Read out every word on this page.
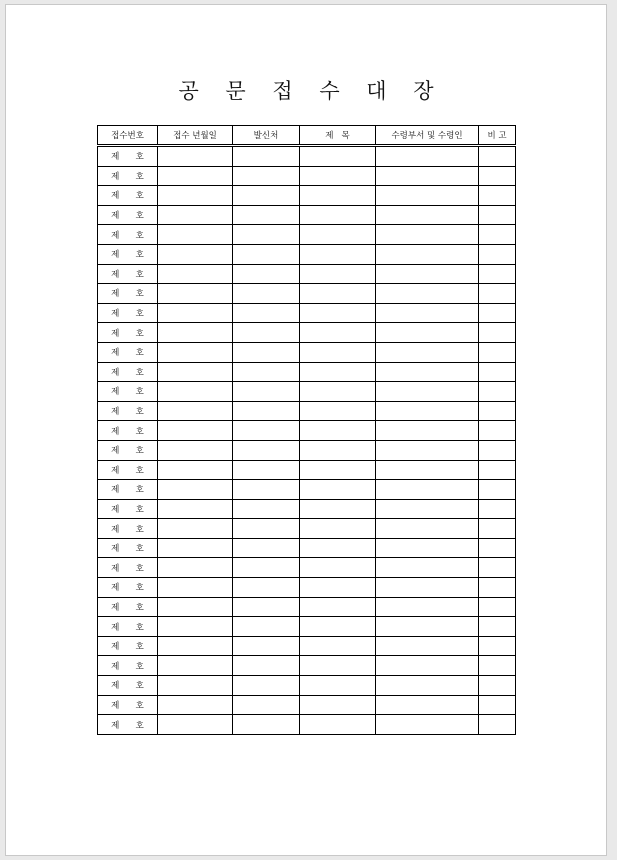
공 문 접 수 대 장
접수번호	접수 년월일	발신처	제   목	수령부서 및 수령인	비 고
제      호					
제      호					
제      호					
제      호					
제      호					
제      호					
제      호					
제      호					
제      호					
제      호					
제      호					
제      호					
제      호					
제      호					
제      호					
제      호					
제      호					
제      호					
제      호					
제      호					
제      호					
제      호					
제      호					
제      호					
제      호					
제      호					
제      호					
제      호					
제      호					
제      호					
